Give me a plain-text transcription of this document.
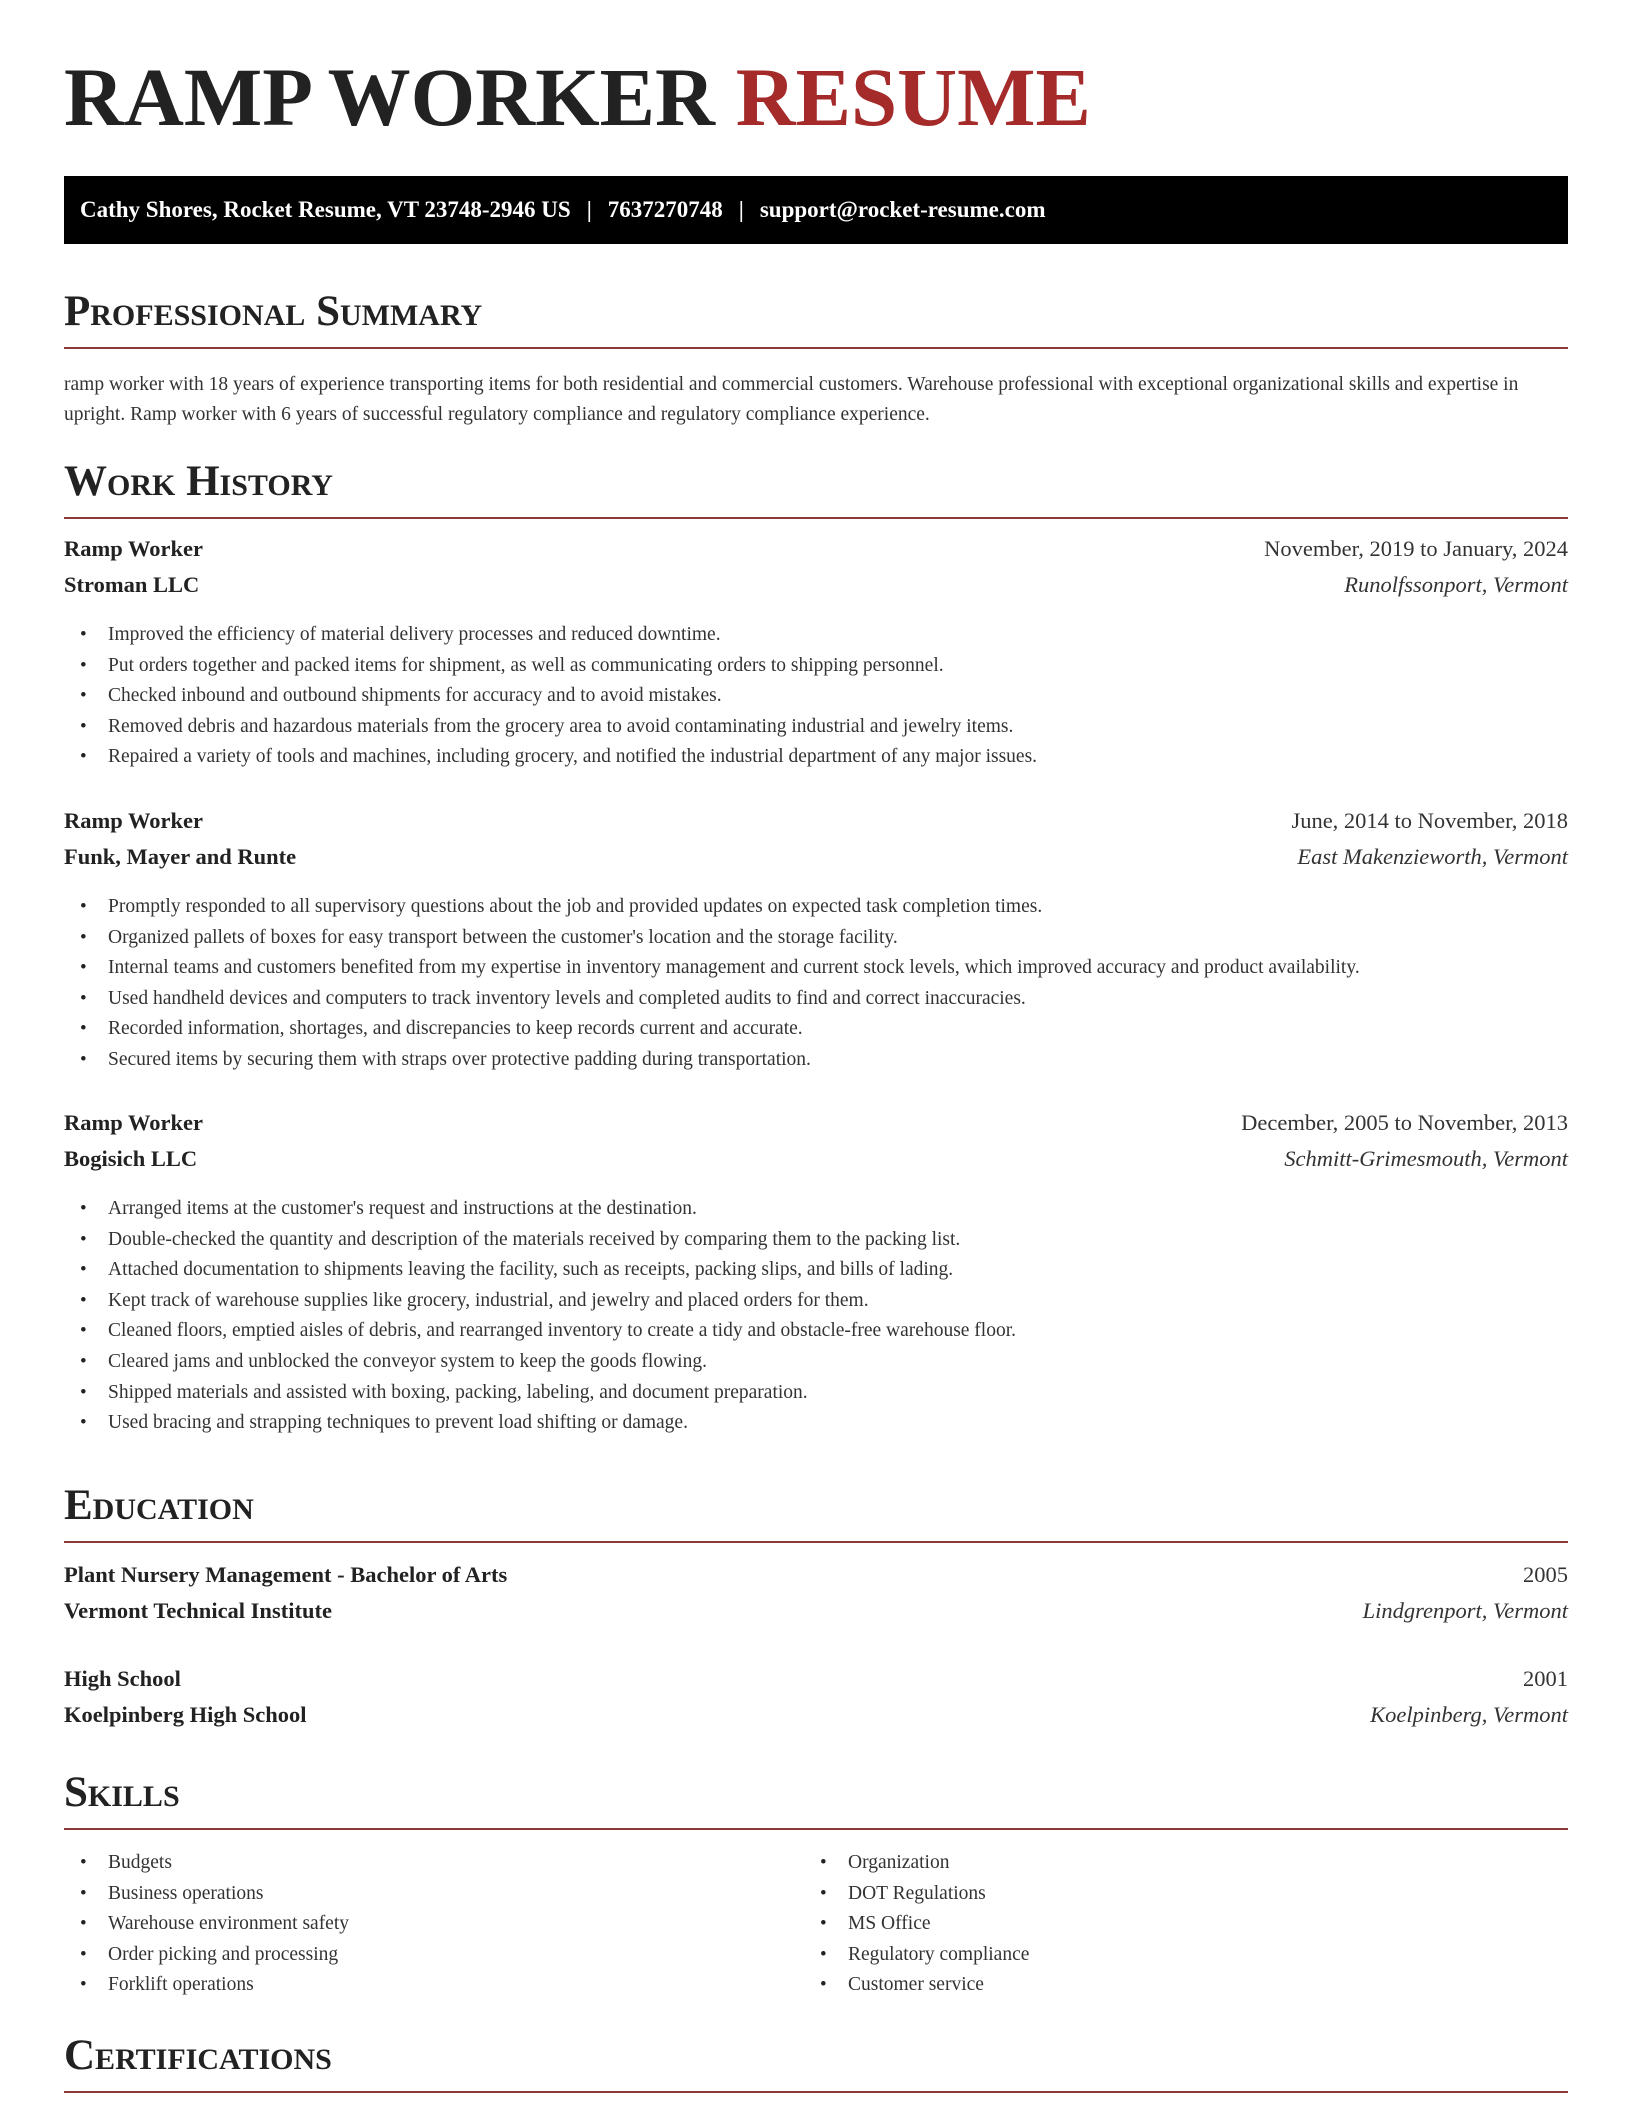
RAMP WORKER RESUME
Cathy Shores, Rocket Resume, VT 23748-2946 US | 7637270748 | support@rocket-resume.com
Professional Summary

ramp worker with 18 years of experience transporting items for both residential and commercial customers. Warehouse professional with exceptional organizational skills and expertise in upright. Ramp worker with 6 years of successful regulatory compliance and regulatory compliance experience.

Work History
Ramp Worker	November, 2019 to January, 2024
Stroman LLC	Runolfssonport, Vermont
• Improved the efficiency of material delivery processes and reduced downtime.
• Put orders together and packed items for shipment, as well as communicating orders to shipping personnel.
• Checked inbound and outbound shipments for accuracy and to avoid mistakes.
• Removed debris and hazardous materials from the grocery area to avoid contaminating industrial and jewelry items.
• Repaired a variety of tools and machines, including grocery, and notified the industrial department of any major issues.
Ramp Worker	June, 2014 to November, 2018
Funk, Mayer and Runte	East Makenzieworth, Vermont
• Promptly responded to all supervisory questions about the job and provided updates on expected task completion times.
• Organized pallets of boxes for easy transport between the customer's location and the storage facility.
• Internal teams and customers benefited from my expertise in inventory management and current stock levels, which improved accuracy and product availability.
• Used handheld devices and computers to track inventory levels and completed audits to find and correct inaccuracies.
• Recorded information, shortages, and discrepancies to keep records current and accurate.
• Secured items by securing them with straps over protective padding during transportation.
Ramp Worker	December, 2005 to November, 2013
Bogisich LLC	Schmitt-Grimesmouth, Vermont
• Arranged items at the customer's request and instructions at the destination.
• Double-checked the quantity and description of the materials received by comparing them to the packing list.
• Attached documentation to shipments leaving the facility, such as receipts, packing slips, and bills of lading.
• Kept track of warehouse supplies like grocery, industrial, and jewelry and placed orders for them.
• Cleaned floors, emptied aisles of debris, and rearranged inventory to create a tidy and obstacle-free warehouse floor.
• Cleared jams and unblocked the conveyor system to keep the goods flowing.
• Shipped materials and assisted with boxing, packing, labeling, and document preparation.
• Used bracing and strapping techniques to prevent load shifting or damage.
Education
Plant Nursery Management - Bachelor of Arts	2005
Vermont Technical Institute	Lindgrenport, Vermont
High School	2001
Koelpinberg High School	Koelpinberg, Vermont
Skills
• Budgets
• Business operations
• Warehouse environment safety
• Order picking and processing
• Forklift operations
• Organization
• DOT Regulations
• MS Office
• Regulatory compliance
• Customer service
Certifications
